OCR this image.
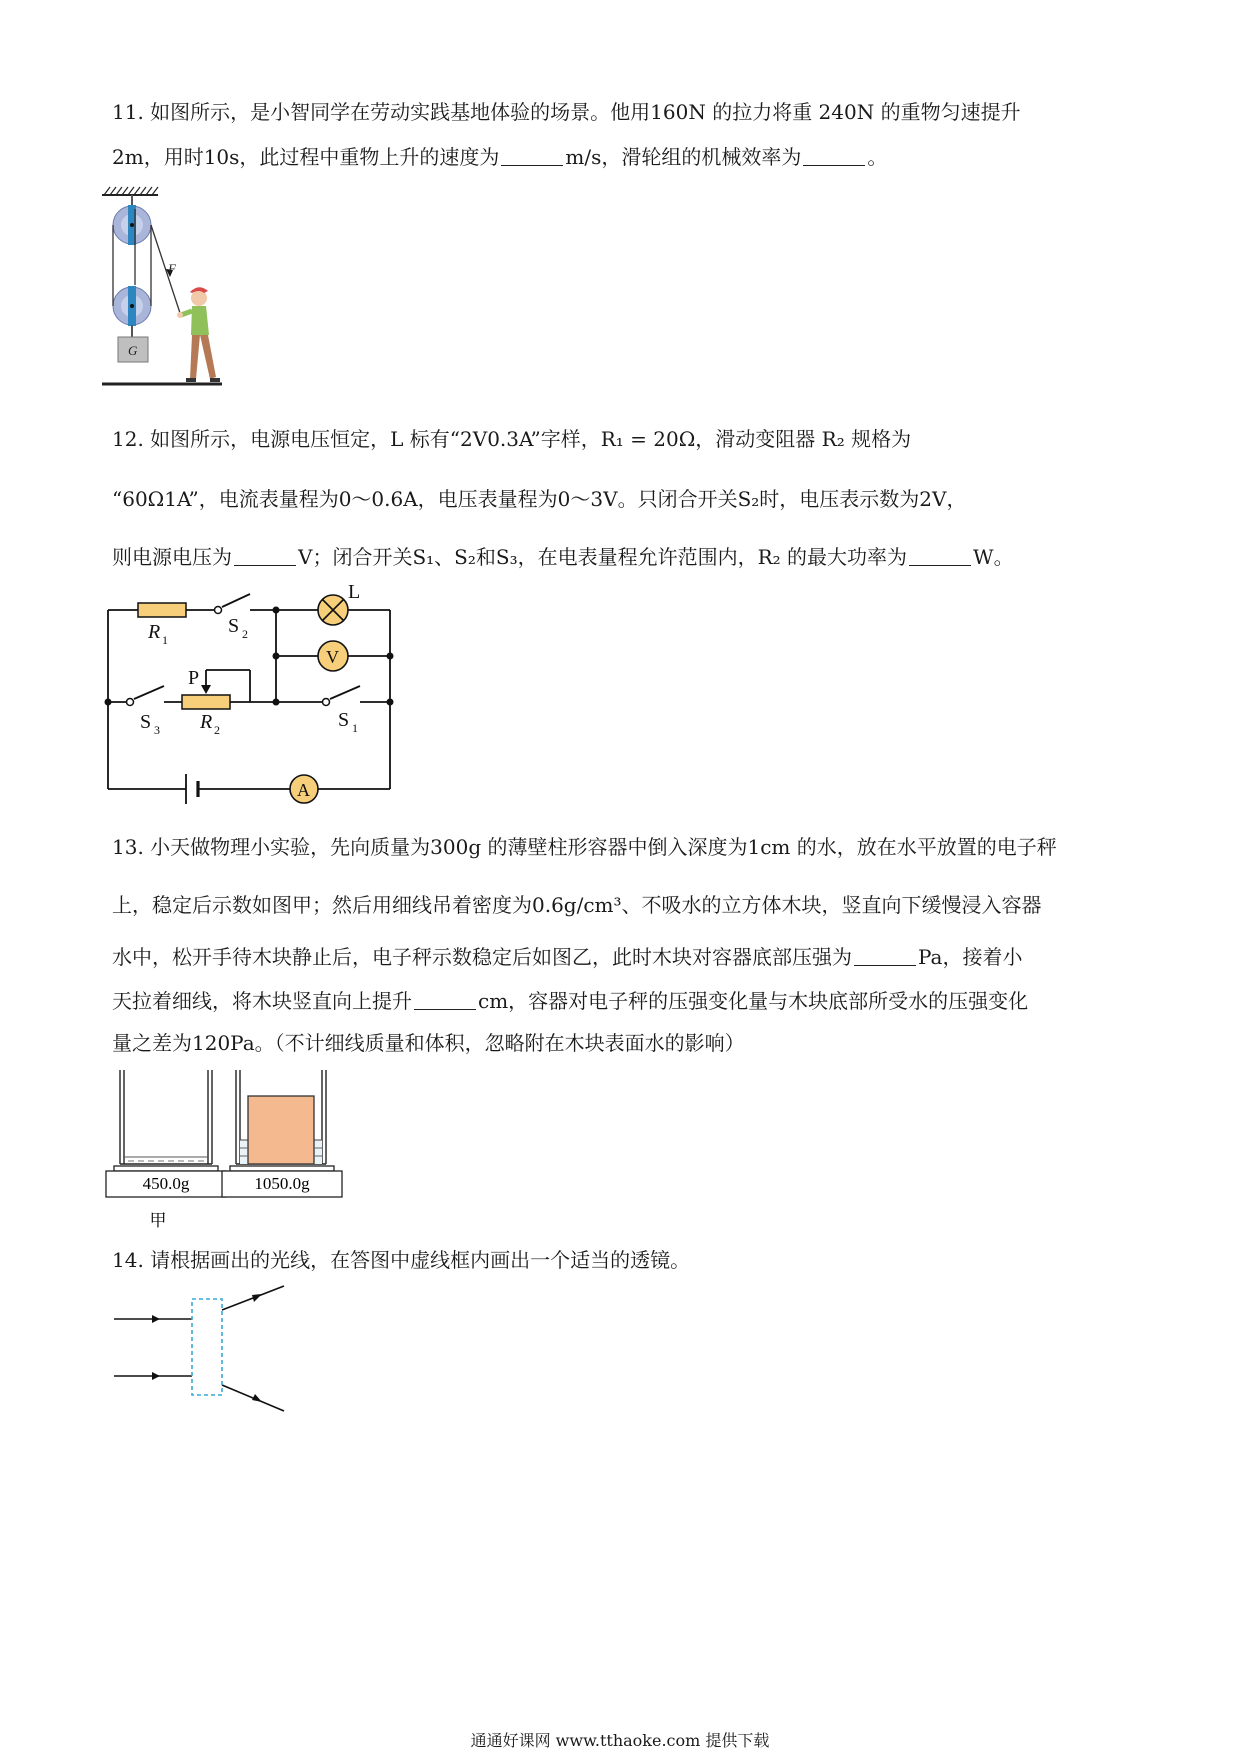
11. 如图所示，是小智同学在劳动实践基地体验的场景。他用160N 的拉力将重 240N 的重物匀速提升
2m，用时10s，此过程中重物上升的速度为	m/s，滑轮组的机械效率为	。
F
G
12. 如图所示，电源电压恒定，L 标有“2V0.3A”字样，R₁ = 20Ω，滑动变阻器 R₂ 规格为
“60Ω1A”，电流表量程为0～0.6A，电压表量程为0～3V。只闭合开关S₂时，电压表示数为2V，
则电源电压为	V；闭合开关S₁、S₂和S₃，在电表量程允许范围内，R₂ 的最大功率为	W。
L
V
A
P
R 1
R 2
S 2
S 3	S 1
13. 小天做物理小实验，先向质量为300g 的薄壁柱形容器中倒入深度为1cm 的水，放在水平放置的电子秤
上，稳定后示数如图甲；然后用细线吊着密度为0.6g/cm³、不吸水的立方体木块，竖直向下缓慢浸入容器
水中，松开手待木块静止后，电子秤示数稳定后如图乙，此时木块对容器底部压强为	Pa，接着小
天拉着细线，将木块竖直向上提升	cm，容器对电子秤的压强变化量与木块底部所受水的压强变化
量之差为120Pa。（不计细线质量和体积，忽略附在木块表面水的影响）
450.0g
甲
1050.0g
14. 请根据画出的光线，在答图中虚线框内画出一个适当的透镜。
通通好课网 www.tthaoke.com 提供下载
